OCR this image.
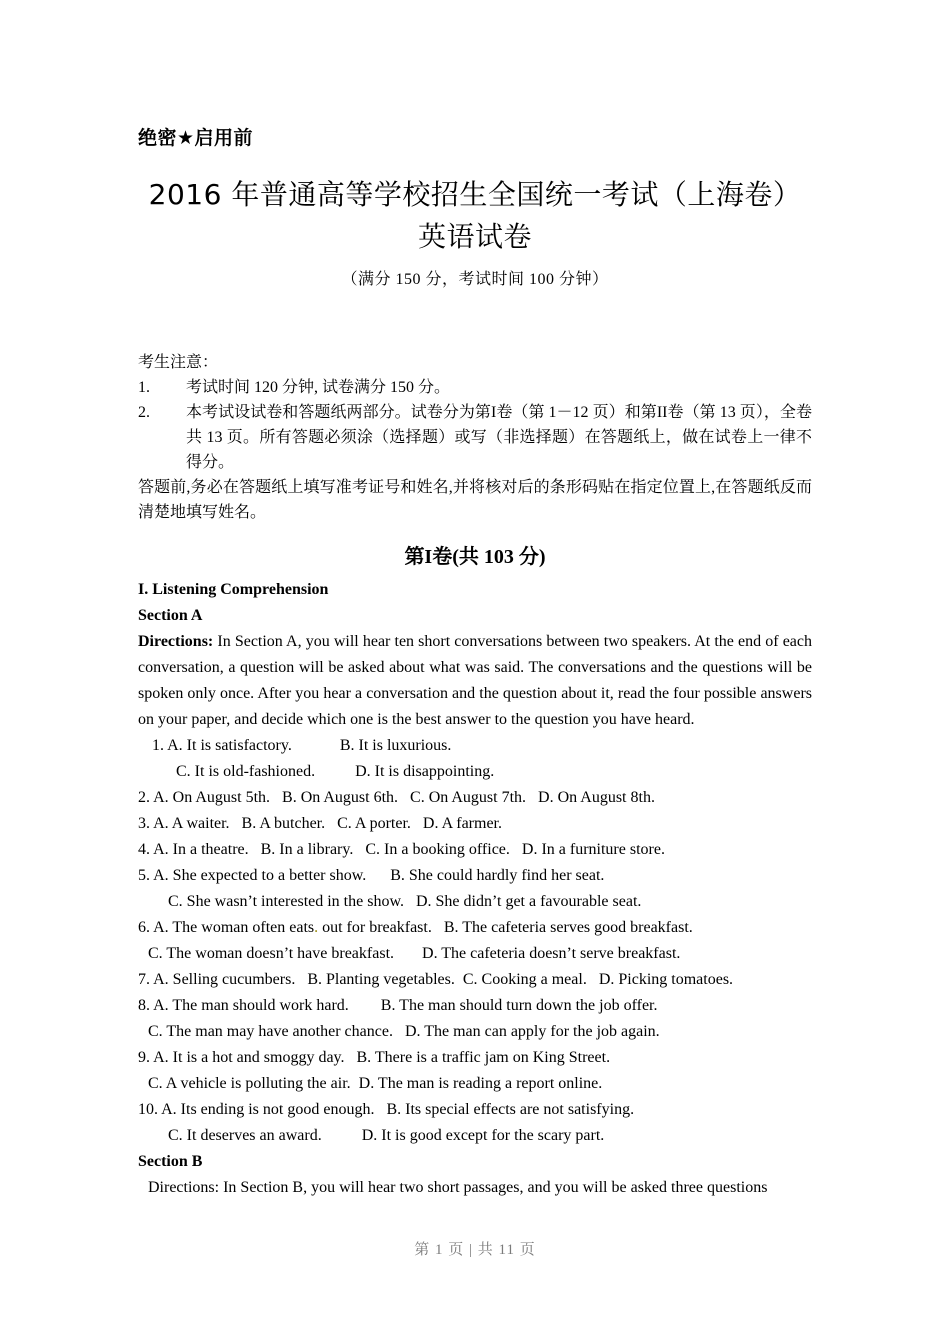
绝密★启用前
2016 年普通高等学校招生全国统一考试（上海卷）
英语试卷
（满分 150 分，考试时间 100 分钟）
考生注意：
1. 考试时间 120 分钟, 试卷满分 150 分。
2. 本考试设试卷和答题纸两部分。试卷分为第I卷（第 1－12 页）和第II卷（第 13 页），全卷共 13 页。所有答题必须涂（选择题）或写（非选择题）在答题纸上，做在试卷上一律不得分。
答题前,务必在答题纸上填写准考证号和姓名,并将核对后的条形码贴在指定位置上,在答题纸反而清楚地填写姓名。
第I卷(共 103 分)
I. Listening Comprehension
Section A
Directions: In Section A, you will hear ten short conversations between two speakers. At the end of each conversation, a question will be asked about what was said. The conversations and the questions will be spoken only once. After you hear a conversation and the question about it, read the four possible answers on your paper, and decide which one is the best answer to the question you have heard.
1. A. It is satisfactory.            B. It is luxurious.
C. It is old-fashioned.          D. It is disappointing.
2. A. On August 5th.   B. On August 6th.   C. On August 7th.   D. On August 8th.
3. A. A waiter.   B. A butcher.   C. A porter.   D. A farmer.
4. A. In a theatre.   B. In a library.   C. In a booking office.   D. In a furniture store.
5. A. She expected to a better show.      B. She could hardly find her seat.
C. She wasn’t interested in the show.   D. She didn’t get a favourable seat.
6. A. The woman often eats. out for breakfast.   B. The cafeteria serves good breakfast.
C. The woman doesn’t have breakfast.       D. The cafeteria doesn’t serve breakfast.
7. A. Selling cucumbers.   B. Planting vegetables.  C. Cooking a meal.   D. Picking tomatoes.
8. A. The man should work hard.        B. The man should turn down the job offer.
C. The man may have another chance.   D. The man can apply for the job again.
9. A. It is a hot and smoggy day.   B. There is a traffic jam on King Street.
C. A vehicle is polluting the air.  D. The man is reading a report online.
10. A. Its ending is not good enough.   B. Its special effects are not satisfying.
C. It deserves an award.          D. It is good except for the scary part.
Section B
Directions: In Section B, you will hear two short passages, and you will be asked three questions
第 1 页 | 共 11 页
